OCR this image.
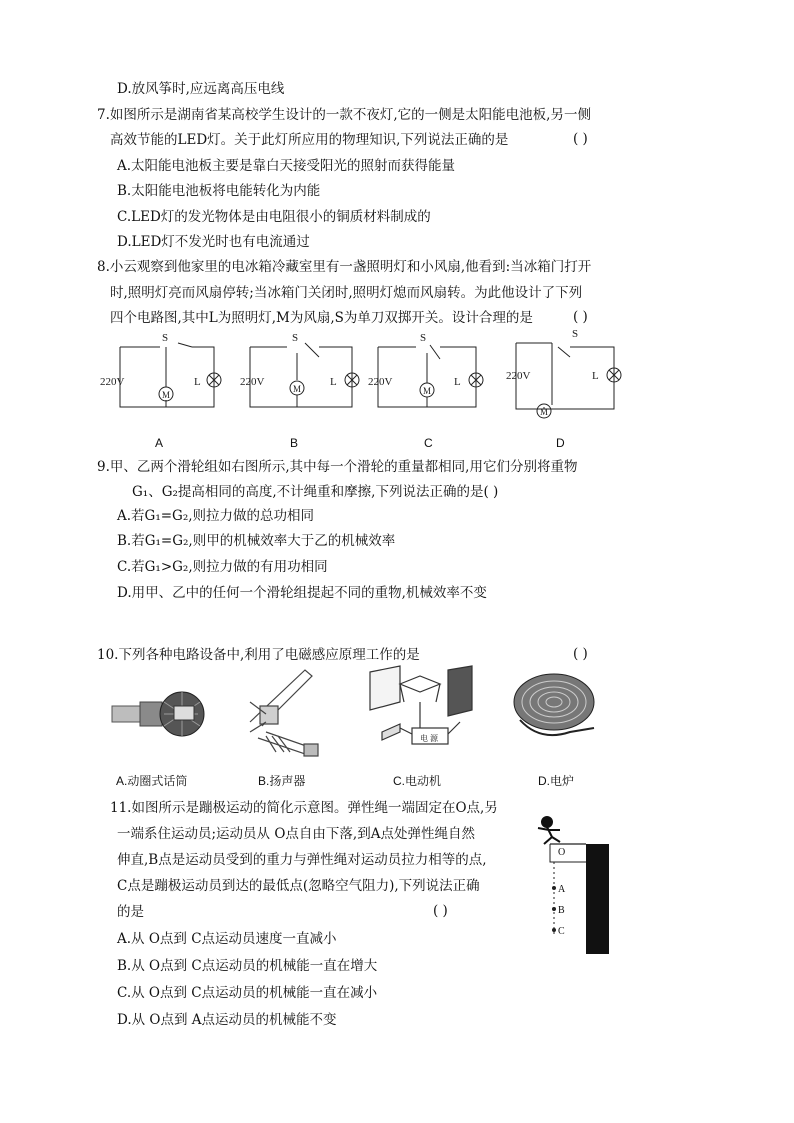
D.放风筝时,应远离高压电线
7.如图所示是湖南省某高校学生设计的一款不夜灯,它的一侧是太阳能电池板,另一侧
高效节能的LED灯。关于此灯所应用的物理知识,下列说法正确的是	( )
A.太阳能电池板主要是靠白天接受阳光的照射而获得能量
B.太阳能电池板将电能转化为内能
C.LED灯的发光物体是由电阻很小的铜质材料制成的
D.LED灯不发光时也有电流通过
8.小云观察到他家里的电冰箱冷藏室里有一盏照明灯和小风扇,他看到:当冰箱门打开
时,照明灯亮而风扇停转;当冰箱门关闭时,照明灯熄而风扇转。为此他设计了下列
四个电路图,其中L为照明灯,M为风扇,S为单刀双掷开关。设计合理的是	( )
S
220V	L
M
S
220V	L
M
S
220V	L
M
S
220V	L
M
A	B	C	D
9.甲、乙两个滑轮组如右图所示,其中每一个滑轮的重量都相同,用它们分别将重物
G₁、G₂提高相同的高度,不计绳重和摩擦,下列说法正确的是( )
A.若G₁=G₂,则拉力做的总功相同
B.若G₁=G₂,则甲的机械效率大于乙的机械效率
C.若G₁>G₂,则拉力做的有用功相同
D.用甲、乙中的任何一个滑轮组提起不同的重物,机械效率不变
10.下列各种电路设备中,利用了电磁感应原理工作的是	( )
电 源
A.动圈式话筒	B.扬声器	C.电动机	D.电炉
11.如图所示是蹦极运动的简化示意图。弹性绳一端固定在O点,另
一端系住运动员;运动员从 O点自由下落,到A点处弹性绳自然
伸直,B点是运动员受到的重力与弹性绳对运动员拉力相等的点,
C点是蹦极运动员到达的最低点(忽略空气阻力),下列说法正确
的是	( )
A.从 O点到 C点运动员速度一直减小
B.从 O点到 C点运动员的机械能一直在增大
C.从 O点到 C点运动员的机械能一直在减小
D.从 O点到 A点运动员的机械能不变
O
A
B
C
